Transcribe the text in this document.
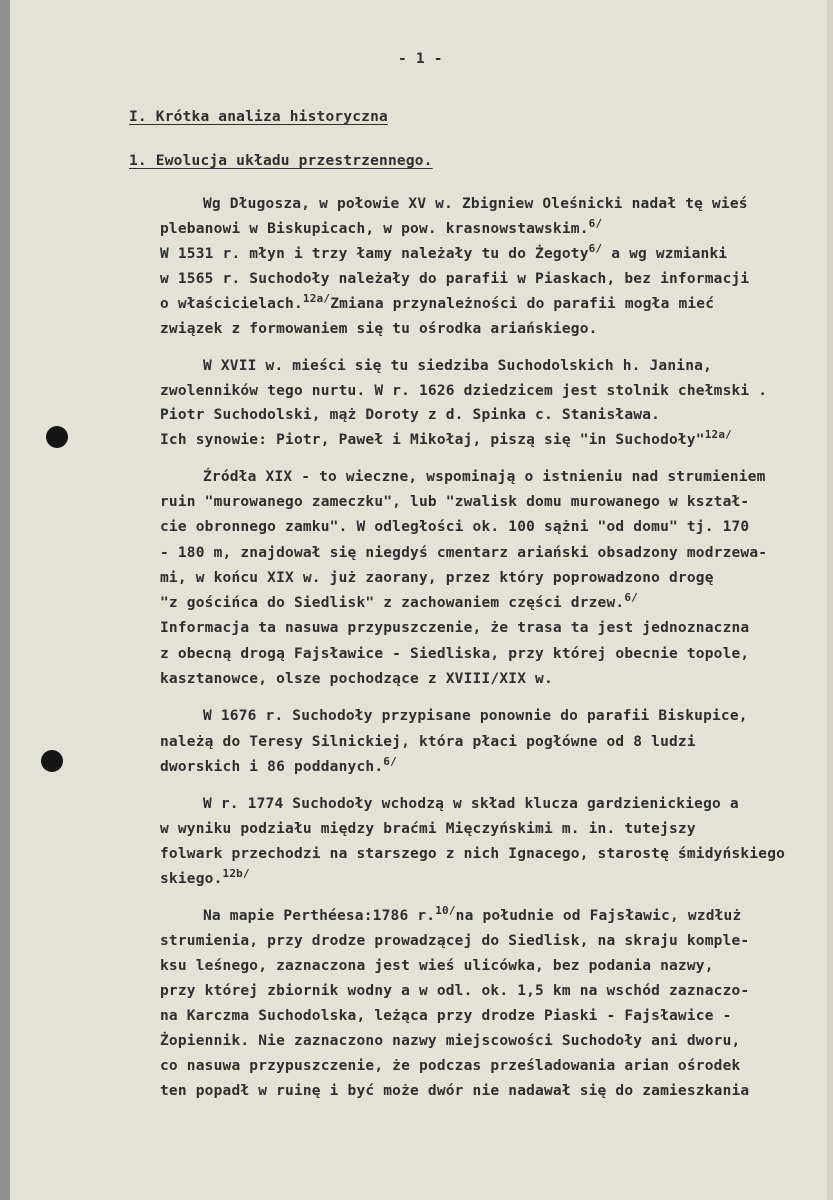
- 1 -
I. Krótka analiza historyczna
1. Ewolucja układu przestrzennego.
Wg Długosza, w połowie XV w. Zbigniew Oleśnicki nadał tę wieś
plebanowi w Biskupicach, w pow. krasnowstawskim.$^{6/}$
W 1531 r. młyn i trzy łamy należały tu do Żegoty$^{6/}$ a wg wzmianki
w 1565 r. Suchodoły należały do parafii w Piaskach, bez informacji
o właścicielach.$^{12a/}$Zmiana przynależności do parafii mogła mieć
związek z formowaniem się tu ośrodka ariańskiego.
W XVII w. mieści się tu siedziba Suchodolskich h. Janina,
zwolenników tego nurtu. W r. 1626 dziedzicem jest stolnik chełmski .
Piotr Suchodolski, mąż Doroty z d. Spinka c. Stanisława.
Ich synowie: Piotr, Paweł i Mikołaj, piszą się "in Suchodoły"$^{12a/}$
Źródła XIX - to wieczne, wspominają o istnieniu nad strumieniem
ruin "murowanego zameczku", lub "zwalisk domu murowanego w kształ-
cie obronnego zamku". W odległości ok. 100 sążni "od domu" tj. 170
- 180 m, znajdował się niegdyś cmentarz ariański obsadzony modrzewa-
mi, w końcu XIX w. już zaorany, przez który poprowadzono drogę
"z gościńca do Siedlisk" z zachowaniem części drzew.$^{6/}$
Informacja ta nasuwa przypuszczenie, że trasa ta jest jednoznaczna
z obecną drogą Fajsławice - Siedliska, przy której obecnie topole,
kasztanowce, olsze pochodzące z XVIII/XIX w.
W 1676 r. Suchodoły przypisane ponownie do parafii Biskupice,
należą do Teresy Silnickiej, która płaci pogłówne od 8 ludzi
dworskich i 86 poddanych.$^{6/}$
W r. 1774 Suchodoły wchodzą w skład klucza gardzienickiego a
w wyniku podziału między braćmi Mięczyńskimi m. in. tutejszy
folwark przechodzi na starszego z nich Ignacego, starostę śmidyńskiego
skiego.$^{12b/}$
Na mapie Perthéesa:1786 r.$^{10/}$na południe od Fajsławic, wzdłuż
strumienia, przy drodze prowadzącej do Siedlisk, na skraju komple-
ksu leśnego, zaznaczona jest wieś ulicówka, bez podania nazwy,
przy której zbiornik wodny a w odl. ok. 1,5 km na wschód zaznaczo-
na Karczma Suchodolska, leżąca przy drodze Piaski - Fajsławice -
Żopiennik. Nie zaznaczono nazwy miejscowości Suchodoły ani dworu,
co nasuwa przypuszczenie, że podczas prześladowania arian ośrodek
ten popadł w ruinę i być może dwór nie nadawał się do zamieszkania
